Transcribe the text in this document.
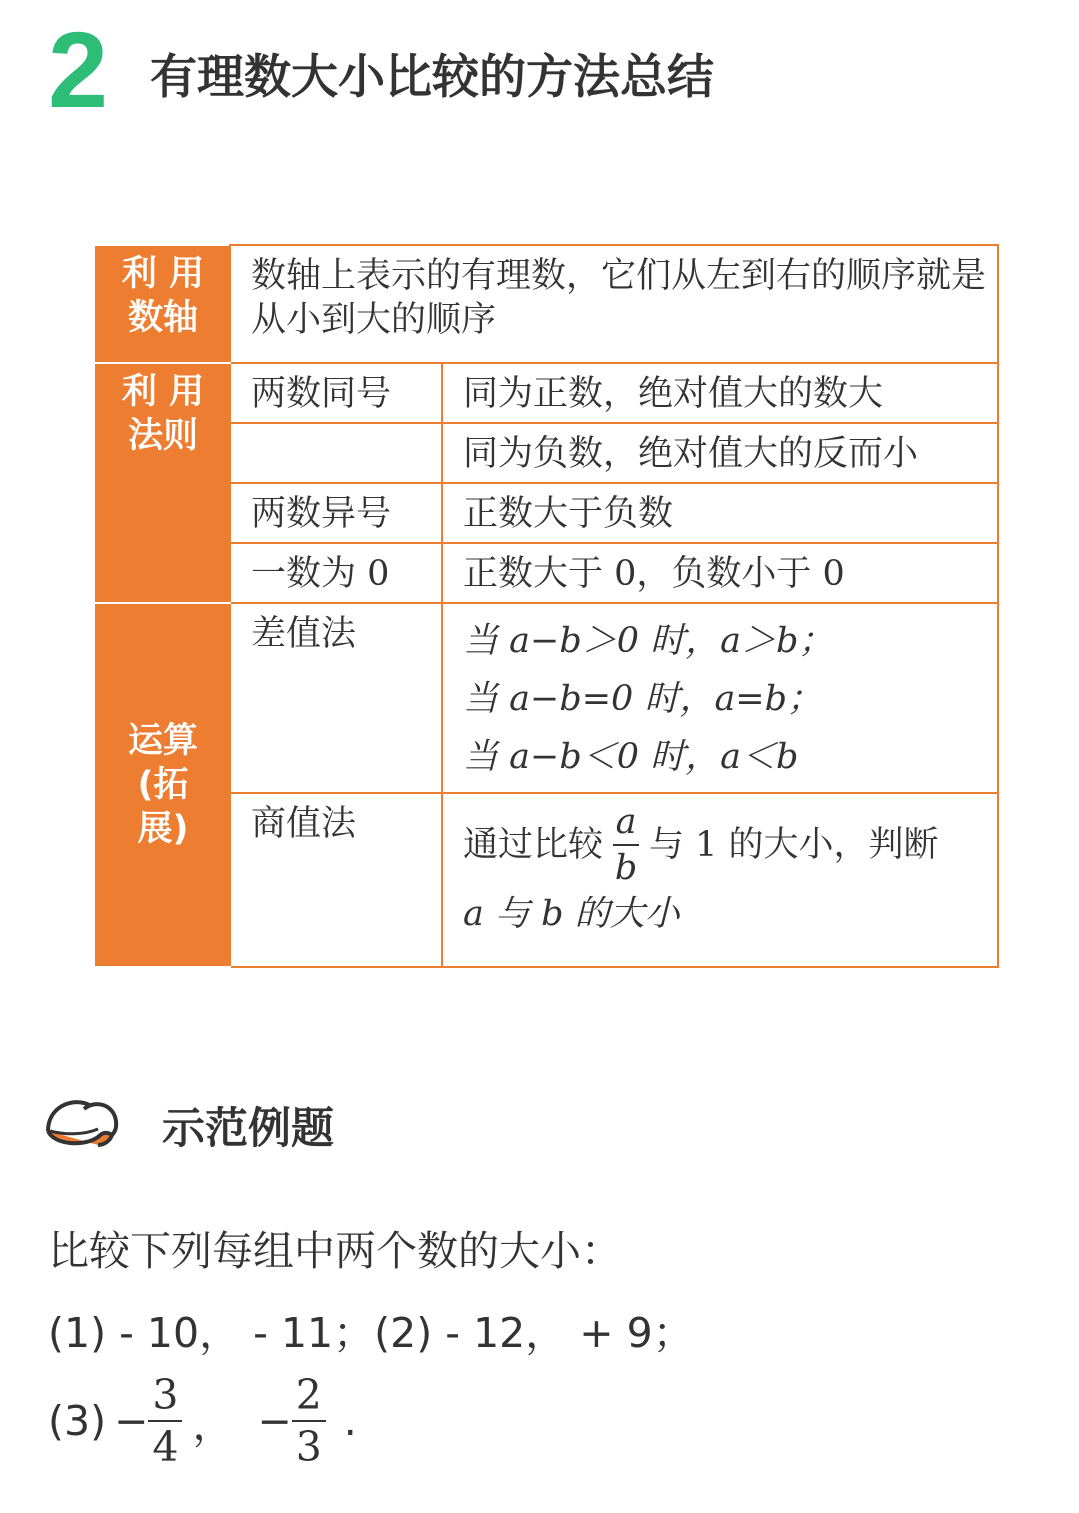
2 有理数大小比较的方法总结
利 用 数轴	数轴上表示的有理数，它们从左到右的顺序就是从小到大的顺序	
利 用 法则	两数同号	同为正数，绝对值大的数大
		同为负数，绝对值大的反而小
	两数异号	正数大于负数
	一数为 0	正数大于 0，负数小于 0
运算 (拓 展)	差值法	当 a−b＞0 时，a＞b；
当 a−b=0 时，a=b；
当 a−b＜0 时，a＜b

	商值法	通过比较 $\frac{a}{b}$ 与 1 的大小，判断
a 与 b 的大小
示范例题
比较下列每组中两个数的大小：
(1) - 10， - 11；(2) - 12， + 9；
(3) −
3
4 ， −
2
3
.
